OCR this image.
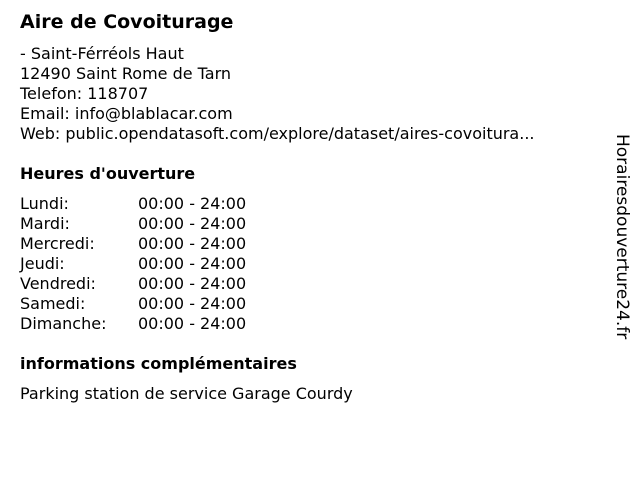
Aire de Covoiturage
- Saint-Férréols Haut
12490 Saint Rome de Tarn
Telefon: 118707
Email: info@blablacar.com
Web: public.opendatasoft.com/explore/dataset/aires-covoitura...
Heures d'ouverture
Lundi:	00:00 - 24:00
Mardi:	00:00 - 24:00
Mercredi:	00:00 - 24:00
Jeudi:	00:00 - 24:00
Vendredi:	00:00 - 24:00
Samedi:	00:00 - 24:00
Dimanche:	00:00 - 24:00
informations complémentaires
Parking station de service Garage Courdy
Horairesdouverture24.fr
